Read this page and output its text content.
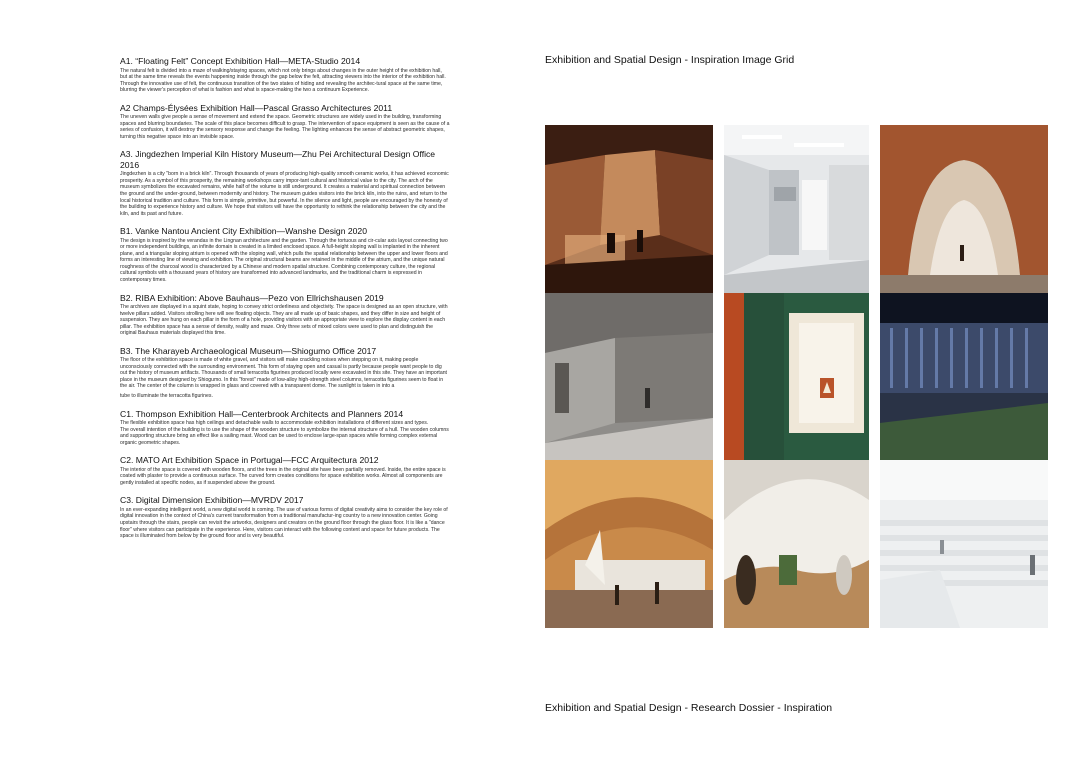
A1. “Floating Felt” Concept Exhibition Hall—META-Studio 2014

The natural felt is divided into a maze of walking/staying spaces, which not only brings about changes in the outer height of the exhibition hall, but at the same time reveals the events happening inside through the gap below the felt, attracting viewers into the interior of the exhibition hall.

Through the innovative use of felt, the continuous transition of the two states of hiding and revealing the architec-tural space at the same time, blurring the viewer's perception of what is fashion and what is space-making the two a continuum Experience.

A2 Champs-Élysées Exhibition Hall—Pascal Grasso Architectures 2011

The uneven walls give people a sense of movement and extend the space. Geometric structures are widely used in the building, transforming spaces and blurring boundaries. The scale of this place becomes difficult to grasp. The intervention of space equipment is seen as the cause of a series of confusion, it will destroy the sensory response and change the feeling. The lighting enhances the sense of abstract geometric shapes, turning this negative space into an invisible space.

A3. Jingdezhen Imperial Kiln History Museum—Zhu Pei Architectural Design Office 2016

Jingdezhen is a city "born in a brick kiln". Through thousands of years of producing high-quality smooth ceramic works, it has achieved economic prosperity. As a symbol of this prosperity, the remaining workshops carry impor-tant cultural and historical value to the city. The arch of the museum symbolizes the excavated remains, while half of the volume is still underground. It creates a material and spiritual connection between the ground and the under-ground, between modernity and history. The museum guides visitors into the brick kiln, into the ruins, and return to the local historical tradition and culture. This form is simple, primitive, but powerful. In the silence and light, people are encouraged by the honesty of the building to experience history and culture. We hope that visitors will have the opportunity to rethink the relationship between the city and the kiln, and its past and future.

B1. Vanke Nantou Ancient City Exhibition—Wanshe Design 2020

The design is inspired by the verandas in the Lingnan architecture and the garden. Through the tortuous and cir-cular axis layout connecting two or more independent buildings, an infinite domain is created in a limited enclosed space. A full-height sloping wall is implanted in the inherent plane, and a triangular sloping atrium is opened with the sloping wall, which pulls the spatial relationship between the upper and lower floors and forms an interesting line of viewing and exhibition. The original structural beams are retained in the middle of the atrium, and the unique natural roughness of the charcoal wood is characterized by a Chinese and modern spatial structure. Combining contemporary culture, the regional cultural symbols with a thousand years of history are transformed into advanced landmarks, and the traditional charm is expressed in contemporary times.

B2. RIBA Exhibition: Above Bauhaus—Pezo von Ellrichshausen 2019

The archives are displayed in a squint state, hoping to convey strict orderliness and objectivity. The space is designed as an open structure, with twelve pillars added. Visitors strolling here will see floating objects. They are all made up of basic shapes, and they differ in size and height of suspension. They are hung on each pillar in the form of a hole, providing visitors with an appropriate view to explore the display content in each pillar. The exhibition space has a sense of density, reality and maze. Only three sets of mixed colors were used to plan and distinguish the original Bauhaus materials displayed this time.

B3. The Kharayeb Archaeological Museum—Shiogumo Office 2017

The floor of the exhibition space is made of white gravel, and visitors will make crackling noises when stepping on it, making people unconsciously connected with the surrounding environment. This form of staying open and casual is partly because people want people to dig out the history of museum artifacts. Thousands of small terracotta figurines produced locally were excavated in this site. They have an important place in the museum designed by Shiogumo. In this "forest" made of low-alloy high-strength steel columns, terracotta figurines seem to float in the air. The center of the column is wrapped in glass and covered with a transparent dome. The sunlight is taken in into a

tube to illuminate the terracotta figurines.

C1. Thompson Exhibition Hall—Centerbrook Architects and Planners 2014

The flexible exhibition space has high ceilings and detachable walls to accommodate exhibition installations of different sizes and types.

The overall intention of the building is to use the shape of the wooden structure to symbolize the internal structure of a hull. The wooden columns and supporting structure bring an effect like a sailing mast. Wood can be used to enclose large-span spaces while forming complex external organic geometric shapes.

C2. MATO Art Exhibition Space in Portugal—FCC Arquitectura 2012

The interior of the space is covered with wooden floors, and the trees in the original site have been partially removed. Inside, the entire space is coated with plaster to provide a continuous surface. The curved form creates conditions for space exhibition works. Almost all components are gently installed at specific nodes, as if suspended above the ground.

C3. Digital Dimension Exhibition—MVRDV 2017

In an ever-expanding intelligent world, a new digital world is coming. The use of various forms of digital creativity aims to consider the key role of digital innovation in the context of China's current transformation from a traditional manufactur-ing country to a new innovation center. Going upstairs through the stairs, people can revisit the artworks, designers and creators on the ground floor through the glass floor. It is like a "dance floor" where visitors can participate in the experience. Here, visitors can interact with the following content and space for future products. The space is illuminated from below by the ground floor and is very beautiful.

Exhibition and Spatial Design - Inspiration Image Grid
Exhibition and Spatial Design - Research Dossier - Inspiration
